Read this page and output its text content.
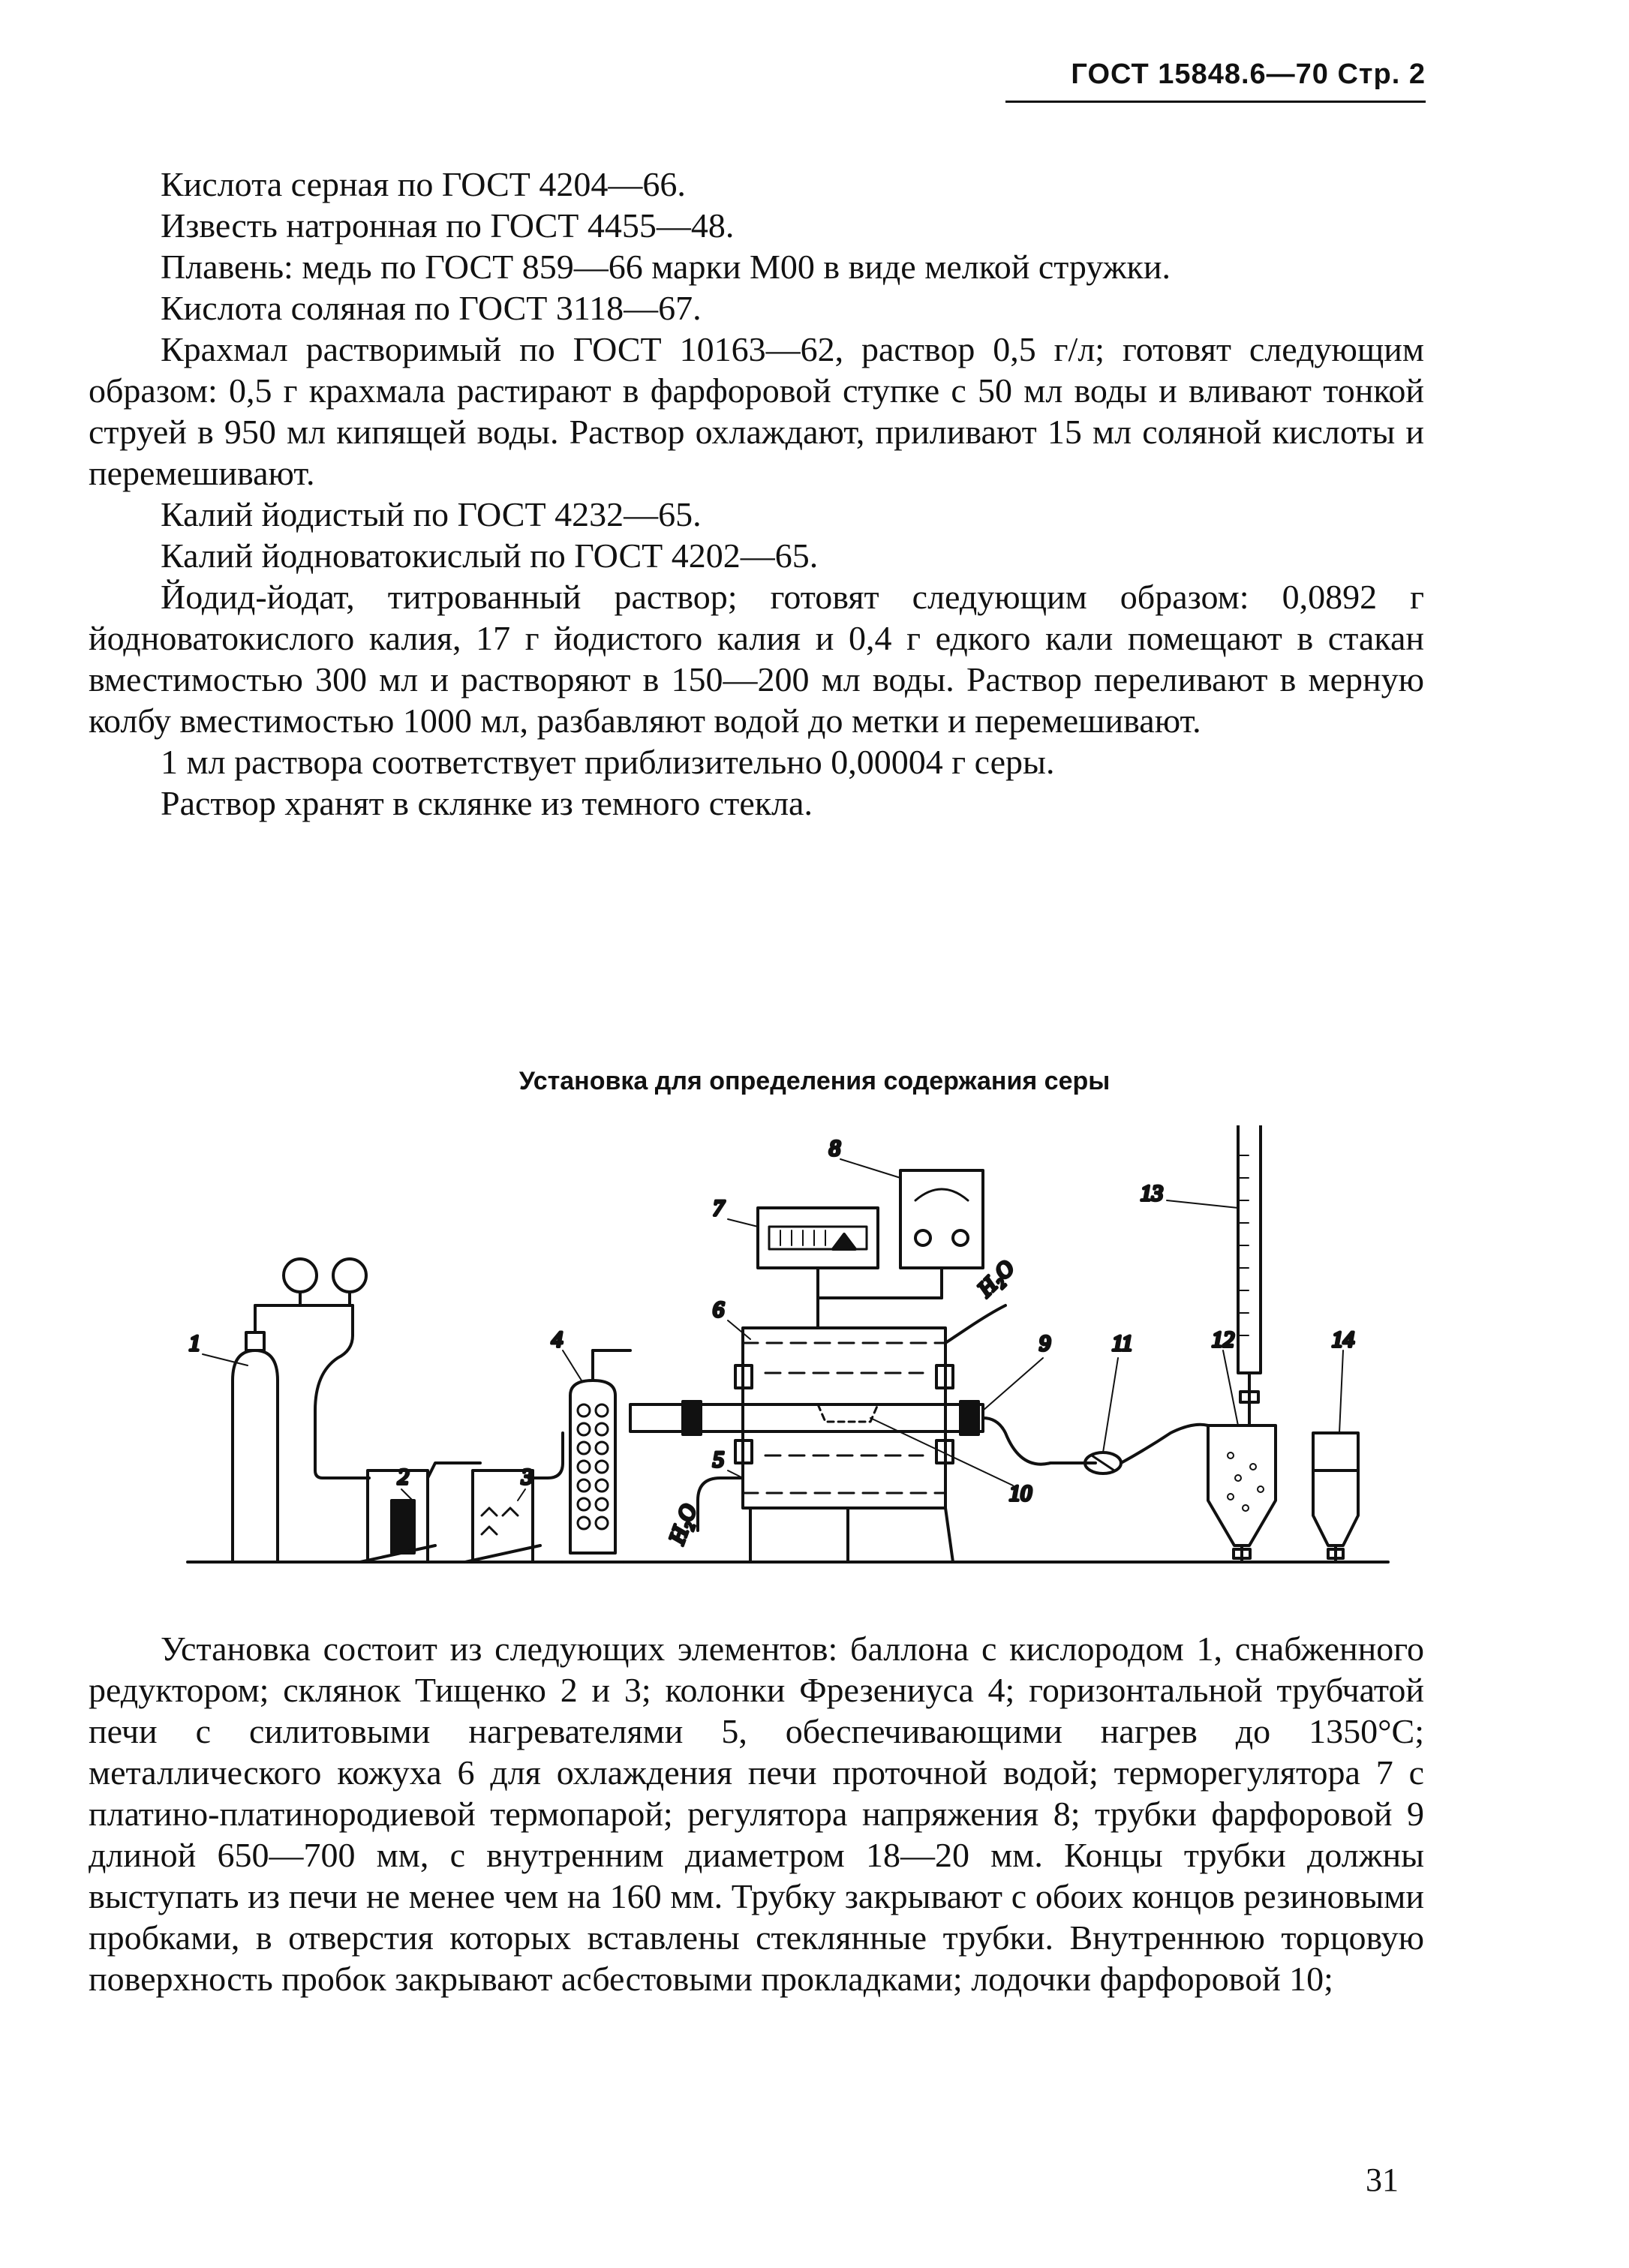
ГОСТ 15848.6—70 Стр. 2

Кислота серная по ГОСТ 4204—66.

Известь натронная по ГОСТ 4455—48.

Плавень: медь по ГОСТ 859—66 марки М00 в виде мелкой стружки.

Кислота соляная по ГОСТ 3118—67.

Крахмал растворимый по ГОСТ 10163—62, раствор 0,5 г/л; готовят следующим образом: 0,5 г крахмала растирают в фарфоровой ступке с 50 мл воды и вливают тонкой струей в 950 мл кипящей воды. Раствор охлаждают, приливают 15 мл соляной кислоты и перемешивают.

Калий йодистый по ГОСТ 4232—65.

Калий йодноватокислый по ГОСТ 4202—65.

Йодид-йодат, титрованный раствор; готовят следующим образом: 0,0892 г йодноватокислого калия, 17 г йодистого калия и 0,4 г едкого кали помещают в стакан вместимостью 300 мл и растворяют в 150—200 мл воды. Раствор переливают в мерную колбу вместимостью 1000 мл, разбавляют водой до метки и перемешивают.

1 мл раствора соответствует приблизительно 0,00004 г серы.

Раствор хранят в склянке из темного стекла.

Установка для определения содержания серы
1
2	3
4
5
6
7
8
9
10
11	12
13
14
H₂O
H₂O

Установка состоит из следующих элементов: баллона с кислородом 1, снабженного редуктором; склянок Тищенко 2 и 3; колонки Фрезениуса 4; горизонтальной трубчатой печи с силитовыми нагревателями 5, обеспечивающими нагрев до 1350°С; металлического кожуха 6 для охлаждения печи проточной водой; терморегулятора 7 с платино-платинородиевой термопарой; регулятора напряжения 8; трубки фарфоровой 9 длиной 650—700 мм, с внутренним диаметром 18—20 мм. Концы трубки должны выступать из печи не менее чем на 160 мм. Трубку закрывают с обоих концов резиновыми пробками, в отверстия которых вставлены стеклянные трубки. Внутреннюю торцовую поверхность пробок закрывают асбестовыми прокладками; лодочки фарфоровой 10;

31
